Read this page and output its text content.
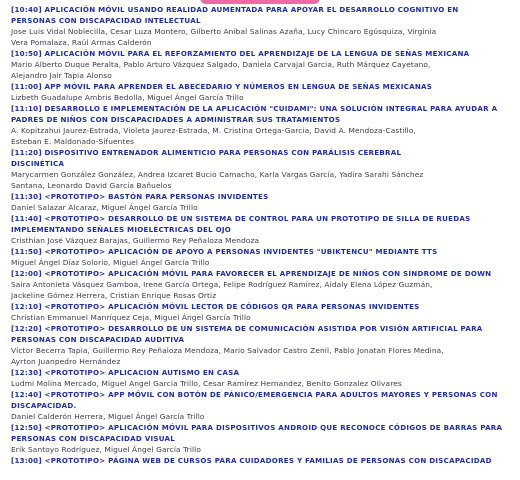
[10:40] APLICACIÓN MÓVIL USANDO REALIDAD AUMENTADA PARA APOYAR EL DESARROLLO COGNITIVO EN
PERSONAS CON DISCAPACIDAD INTELECTUAL
Jose Luis Vidal Noblecilla, Cesar Luza Montero, Gilberto Anibal Salinas Azaña, Lucy Chincaro Egúsquiza, Virginia
Vera Pomalaza, Raúl Armas Calderón
[10:50] APLICACIÓN MÓVIL PARA EL REFORZAMIENTO DEL APRENDIZAJE DE LA LENGUA DE SEÑAS MEXICANA
Mario Alberto Duque Peralta, Pablo Arturo Vázquez Salgado, Daniela Carvajal Garcia, Ruth Márquez Cayetano,
Alejandro Jair Tapia Alonso
[11:00] APP MÓVIL PARA APRENDER EL ABECEDARIO Y NÚMEROS EN LENGUA DE SEÑAS MEXICANAS
Lizbeth Guadalupe Ambris Bedolla, Miguel Ángel García Trillo
[11:10] DESARROLLO E IMPLEMENTACIÓN DE LA APLICACIÓN "CUIDAMI": UNA SOLUCIÓN INTEGRAL PARA AYUDAR A
PADRES DE NIÑOS CON DISCAPACIDADES A ADMINISTRAR SUS TRATAMIENTOS
A. Kopitzahui Jaurez-Estrada, Violeta Jaurez-Estrada, M. Cristina Ortega-Garcia, David A. Mendoza-Castillo,
Esteban E. Maldonado-Sifuentes
[11:20] DISPOSITIVO ENTRENADOR ALIMENTICIO PARA PERSONAS CON PARÁLISIS CEREBRAL
DISCINÉTICA
Marycarmen González González, Andrea Izcaret Bucio Camacho, Karla Vargas García, Yadira Sarahi Sánchez
Santana, Leonardo David García Bañuelos
[11:30] <PROTOTIPO> BASTÓN PARA PERSONAS INVIDENTES
Daniel Salazar Alcaraz, Miguel Ángel García Trillo
[11:40] <PROTOTIPO> DESARROLLO DE UN SISTEMA DE CONTROL PARA UN PROTOTIPO DE SILLA DE RUEDAS
IMPLEMENTANDO SEÑALES MIOELÉCTRICAS DEL OJO
Cristhian José Vázquez Barajas, Guillermo Rey Peñaloza Mendoza
[11:50] <PROTOTIPO> APLICACIÓN DE APOYO A PERSONAS INVIDENTES "UBIKTENCU" MEDIANTE TTS
Miguel Ángel Díaz Solorio, Miguel Ángel García Trillo
[12:00] <PROTOTIPO> APLICACIÓN MÓVIL PARA FAVORECER EL APRENDIZAJE DE NIÑOS CON SÍNDROME DE DOWN
Saira Antonieta Vásquez Gamboa, Irene García Ortega, Felipe Rodríguez Ramírez, Aidaly Elena López Guzmán,
Jackeline Gómez Herrera, Cristian Enrique Rosas Ortiz
[12:10] <PROTOTIPO> APLICACIÓN MÓVIL LECTOR DE CÓDIGOS QR PARA PERSONAS INVIDENTES
Christian Emmanuel Manríquez Ceja, Miguel Ángel García Trillo
[12:20] <PROTOTIPO> DESARROLLO DE UN SISTEMA DE COMUNICACIÓN ASISTIDA POR VISIÓN ARTIFICIAL PARA
PERSONAS CON DISCAPACIDAD AUDITIVA
Víctor Becerra Tapia, Guillermo Rey Peñaloza Mendoza, Mario Salvador Castro Zenil, Pablo Jonatan Flores Medina,
Ayrton Juanpedro Hernández
[12:30] <PROTOTIPO> APLICACION AUTISMO EN CASA
Ludmi Molina Mercado, Miguel Angel Garcia Trillo, Cesar Ramírez Hernandez, Benito Gonzalez Olivares
[12:40] <PROTOTIPO> APP MÓVIL CON BOTÓN DE PÁNICO/EMERGENCIA PARA ADULTOS MAYORES Y PERSONAS CON
DISCAPACIDAD.
Daniel Calderón Herrera, Miguel Ángel García Trillo
[12:50] <PROTOTIPO> APLICACIÓN MÓVIL PARA DISPOSITIVOS ANDROID QUE RECONOCE CÓDIGOS DE BARRAS PARA
PERSONAS CON DISCAPACIDAD VISUAL
Erik Santoyo Rodríguez, Miguel Ángel García Trillo
[13:00] <PROTOTIPO> PÁGINA WEB DE CURSOS PARA CUIDADORES Y FAMILIAS DE PERSONAS CON DISCAPACIDAD
